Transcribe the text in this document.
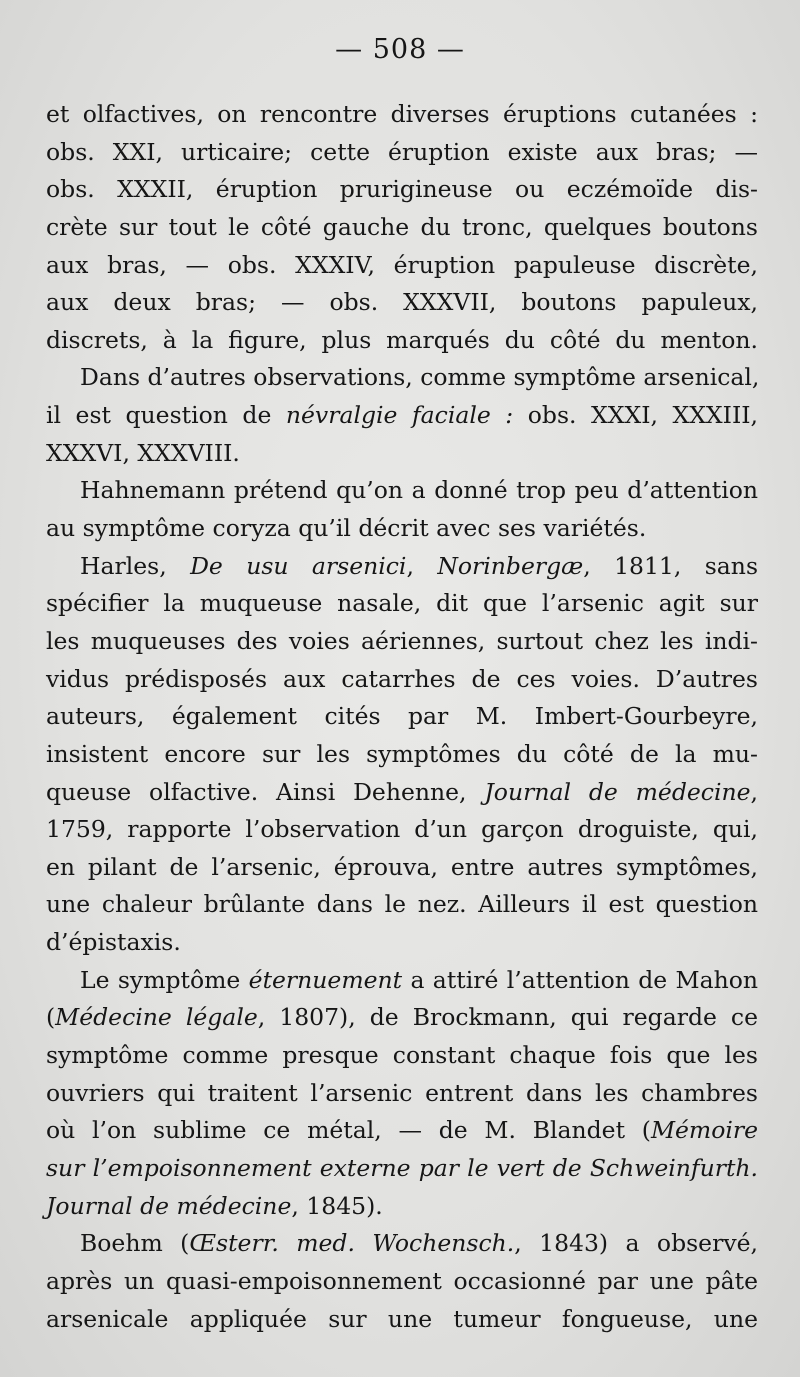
— 508 —
et olfactives, on rencontre diverses éruptions cutanées :
obs. XXI, urticaire; cette éruption existe aux bras; —
obs. XXXII, éruption prurigineuse ou eczémoïde dis-
crète sur tout le côté gauche du tronc, quelques boutons
aux bras, — obs. XXXIV, éruption papuleuse discrète,
aux deux bras; — obs. XXXVII, boutons papuleux,
discrets, à la figure, plus marqués du côté du menton.
Dans d’autres observations, comme symptôme arsenical,
il est question de névralgie faciale : obs. XXXI, XXXIII,
XXXVI, XXXVIII.
Hahnemann prétend qu’on a donné trop peu d’attention
au symptôme coryza qu’il décrit avec ses variétés.
Harles, De usu arsenici, Norinbergæ, 1811, sans
spécifier la muqueuse nasale, dit que l’arsenic agit sur
les muqueuses des voies aériennes, surtout chez les indi-
vidus prédisposés aux catarrhes de ces voies. D’autres
auteurs, également cités par M. Imbert-Gourbeyre,
insistent encore sur les symptômes du côté de la mu-
queuse olfactive. Ainsi Dehenne, Journal de médecine,
1759, rapporte l’observation d’un garçon droguiste, qui,
en pilant de l’arsenic, éprouva, entre autres symptômes,
une chaleur brûlante dans le nez. Ailleurs il est question
d’épistaxis.
Le symptôme éternuement a attiré l’attention de Mahon
(Médecine légale, 1807), de Brockmann, qui regarde ce
symptôme comme presque constant chaque fois que les
ouvriers qui traitent l’arsenic entrent dans les chambres
où l’on sublime ce métal, — de M. Blandet (Mémoire
sur l’empoisonnement externe par le vert de Schweinfurth.
Journal de médecine, 1845).
Boehm (Œsterr. med. Wochensch., 1843) a observé,
après un quasi-empoisonnement occasionné par une pâte
arsenicale appliquée sur une tumeur fongueuse, une
